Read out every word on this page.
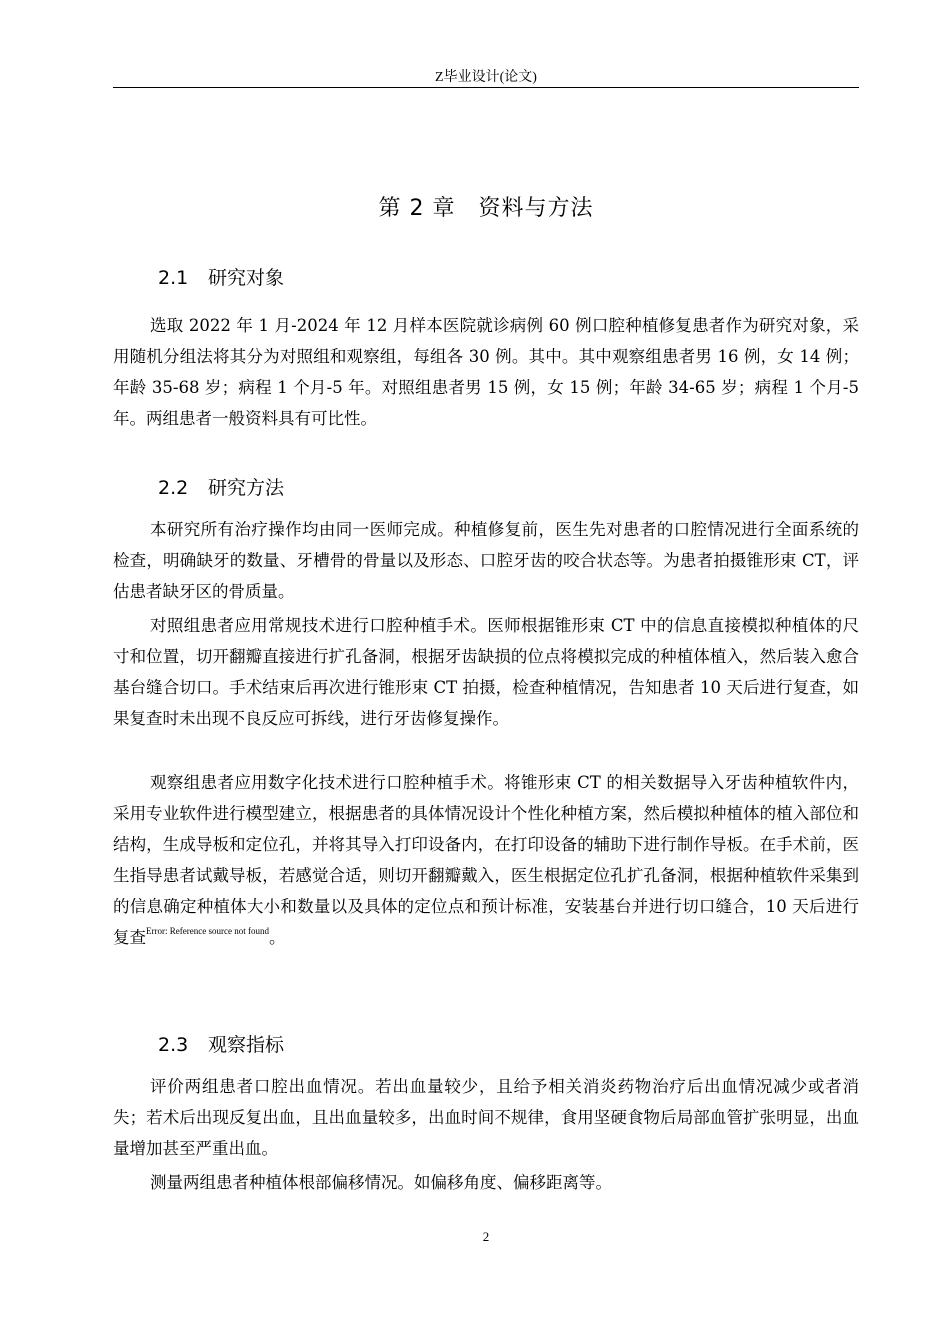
Z毕业设计(论文)
第 2 章　资料与方法
2.1 研究对象

选取 2022 年 1 月-2024 年 12 月样本医院就诊病例 60 例口腔种植修复患者作为研究对象，采用随机分组法将其分为对照组和观察组，每组各 30 例。其中。其中观察组患者男 16 例，女 14 例；年龄 35-68 岁；病程 1 个月-5 年。对照组患者男 15 例，女 15 例；年龄 34-65 岁；病程 1 个月-5 年。两组患者一般资料具有可比性。

2.2 研究方法

本研究所有治疗操作均由同一医师完成。种植修复前，医生先对患者的口腔情况进行全面系统的检查，明确缺牙的数量、牙槽骨的骨量以及形态、口腔牙齿的咬合状态等。为患者拍摄锥形束 CT，评估患者缺牙区的骨质量。

对照组患者应用常规技术进行口腔种植手术。医师根据锥形束 CT 中的信息直接模拟种植体的尺寸和位置，切开翻瓣直接进行扩孔备洞，根据牙齿缺损的位点将模拟完成的种植体植入，然后装入愈合基台缝合切口。手术结束后再次进行锥形束 CT 拍摄，检查种植情况，告知患者 10 天后进行复查，如果复查时未出现不良反应可拆线，进行牙齿修复操作。

观察组患者应用数字化技术进行口腔种植手术。将锥形束 CT 的相关数据导入牙齿种植软件内，采用专业软件进行模型建立，根据患者的具体情况设计个性化种植方案，然后模拟种植体的植入部位和结构，生成导板和定位孔，并将其导入打印设备内，在打印设备的辅助下进行制作导板。在手术前，医生指导患者试戴导板，若感觉合适，则切开翻瓣戴入，医生根据定位孔扩孔备洞，根据种植软件采集到的信息确定种植体大小和数量以及具体的定位点和预计标准，安装基台并进行切口缝合，10 天后进行复查$^{Error: Reference source not found}$。

2.3 观察指标

评价两组患者口腔出血情况。若出血量较少，且给予相关消炎药物治疗后出血情况减少或者消失；若术后出现反复出血，且出血量较多，出血时间不规律，食用坚硬食物后局部血管扩张明显，出血量增加甚至严重出血。

测量两组患者种植体根部偏移情况。如偏移角度、偏移距离等。

2
